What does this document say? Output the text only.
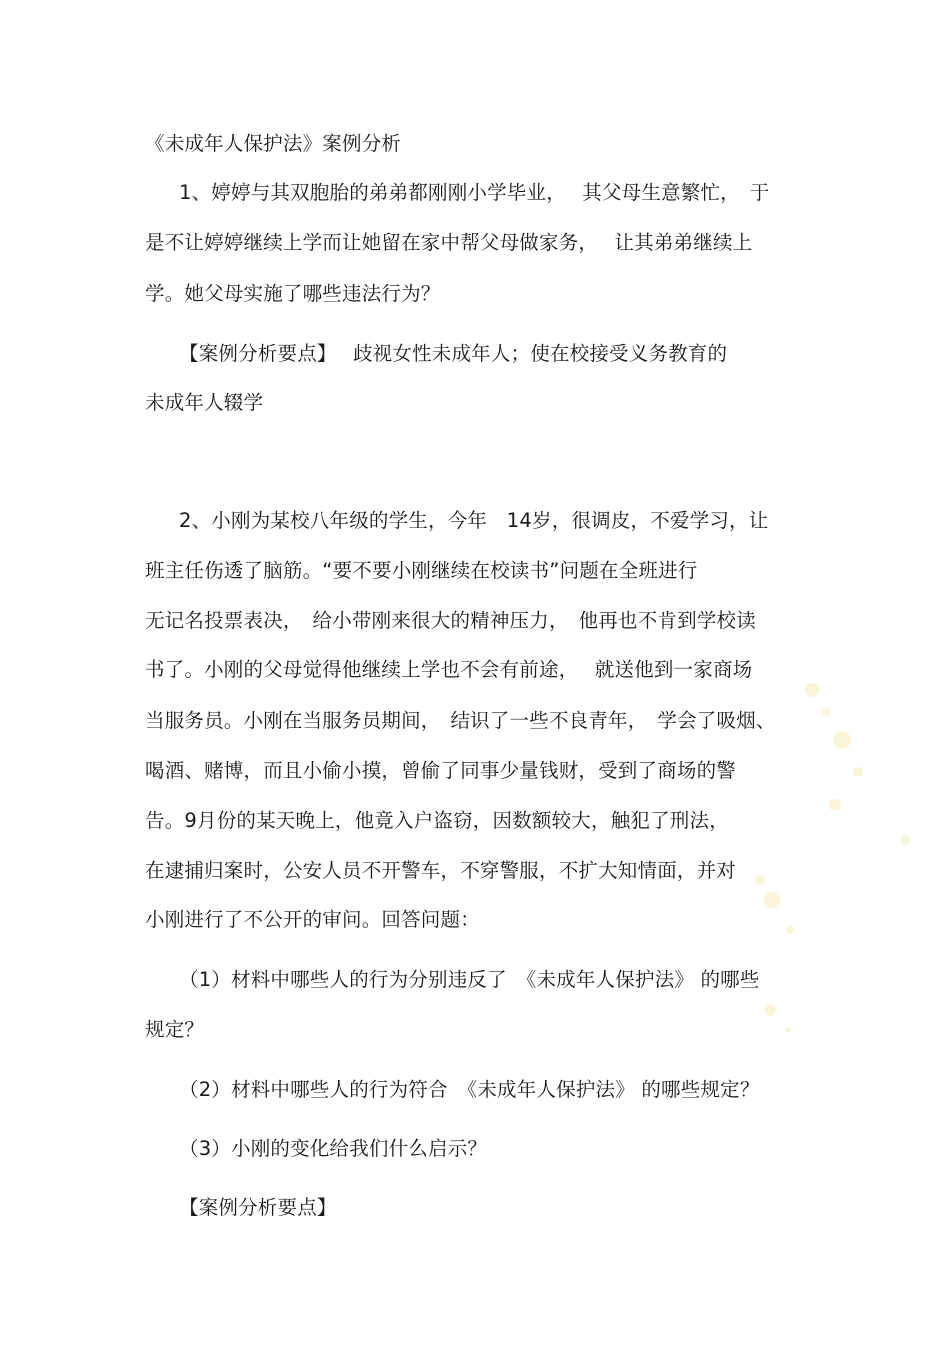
《未成年人保护法》案例分析
1、婷婷与其双胞胎的弟弟都刚刚小学毕业，　 其父母生意繁忙，　于
是不让婷婷继续上学而让她留在家中帮父母做家务，　 让其弟弟继续上
学。她父母实施了哪些违法行为？
【案例分析要点】　 歧视女性未成年人；使在校接受义务教育的
未成年人辍学
2、小刚为某校八年级的学生，今年　14岁，很调皮，不爱学习，让
班主任伤透了脑筋。“要不要小刚继续在校读书”问题在全班进行
无记名投票表决，　给小带刚来很大的精神压力，　他再也不肯到学校读
书了。小刚的父母觉得他继续上学也不会有前途，　 就送他到一家商场
当服务员。小刚在当服务员期间，　结识了一些不良青年，　学会了吸烟、
喝酒、赌博，而且小偷小摸，曾偷了同事少量钱财，受到了商场的警
告。9月份的某天晚上，他竟入户盗窃，因数额较大，触犯了刑法，
在逮捕归案时，公安人员不开警车，不穿警服，不扩大知情面，并对
小刚进行了不公开的审问。回答问题：
（1）材料中哪些人的行为分别违反了　《未成年人保护法》 的哪些
规定？
（2）材料中哪些人的行为符合　《未成年人保护法》 的哪些规定？
（3）小刚的变化给我们什么启示？
【案例分析要点】
